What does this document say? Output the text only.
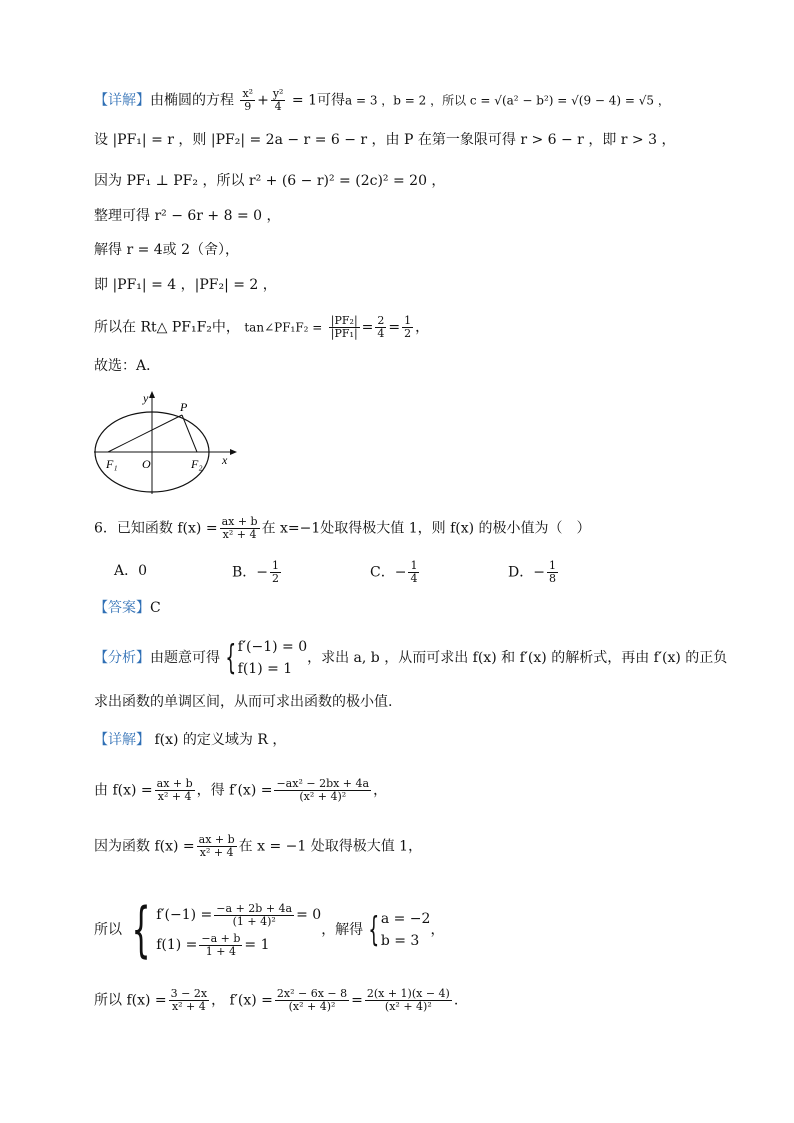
【详解】由椭圆的方程 $\frac{\text{x²}}{9} + \frac{\text{y²}}{4} = 1$可得a = 3 ，b = 2 ，所以 c = √(a² − b²) = √(9 − 4) = √5 ，
设 |PF₁| = r ，则 |PF₂| = 2a − r = 6 − r ，由 P 在第一象限可得 r > 6 − r ，即 r > 3 ，
因为 PF₁ ⊥ PF₂ ，所以 r² + (6 − r)² = (2c)² = 20 ，
整理可得 r² − 6r + 8 = 0 ，
解得 r = 4或 2（舍），
即 |PF₁| = 4 ，|PF₂| = 2 ，
所以在 Rt△ PF₁F₂中， tan∠PF₁F₂ = $\frac{\text{|PF₂|}}{\text{|PF₁|}} = \frac{2}{4} = \frac{1}{2}$ ，
故选：A．
y
P
F₁ O	F₂ x
6．已知函数 $f(x) = \frac{ax + b}{\text{x² + 4}}$ 在 x=−1处取得极大值 1，则 f(x) 的极小值为（　）
A．0	B．− $\frac{1}{2}$	C．− $\frac{1}{4}$	D．− $\frac{1}{8}$
【答案】C
【分析】由题意可得 { f′(−1) = 0
f(1) = 1
，求出 a, b ，从而可求出 f(x) 和 f′(x) 的解析式，再由 f′(x) 的正负
求出函数的单调区间，从而可求出函数的极小值.
【详解】 f(x) 的定义域为 R ，
由 $f(x) = \frac{ax + b}{\text{x² + 4}}$ ，得 $f'(x) = \frac{\text{−ax² − 2bx + 4a}}{\text{(x² + 4)²}}$ ，
因为函数 $f(x) = \frac{ax + b}{\text{x² + 4}}$ 在 x = −1 处取得极大值 1，
所以 { $f'(-1) = \frac{-a + 2b + 4a}{\text{(1 + 4)²}} = 0$
$f(1) = \frac{-a + b}{1 + 4} = 1$
，解得 { a = −2
b = 3
，
所以 $f(x) = \frac{3 - 2x}{\text{x² + 4}}$ ， $f'(x) = \frac{\text{2x² − 6x − 8}}{\text{(x² + 4)²}} = \frac{2(x + 1)(x - 4)}{\text{(x² + 4)²}}$ .
